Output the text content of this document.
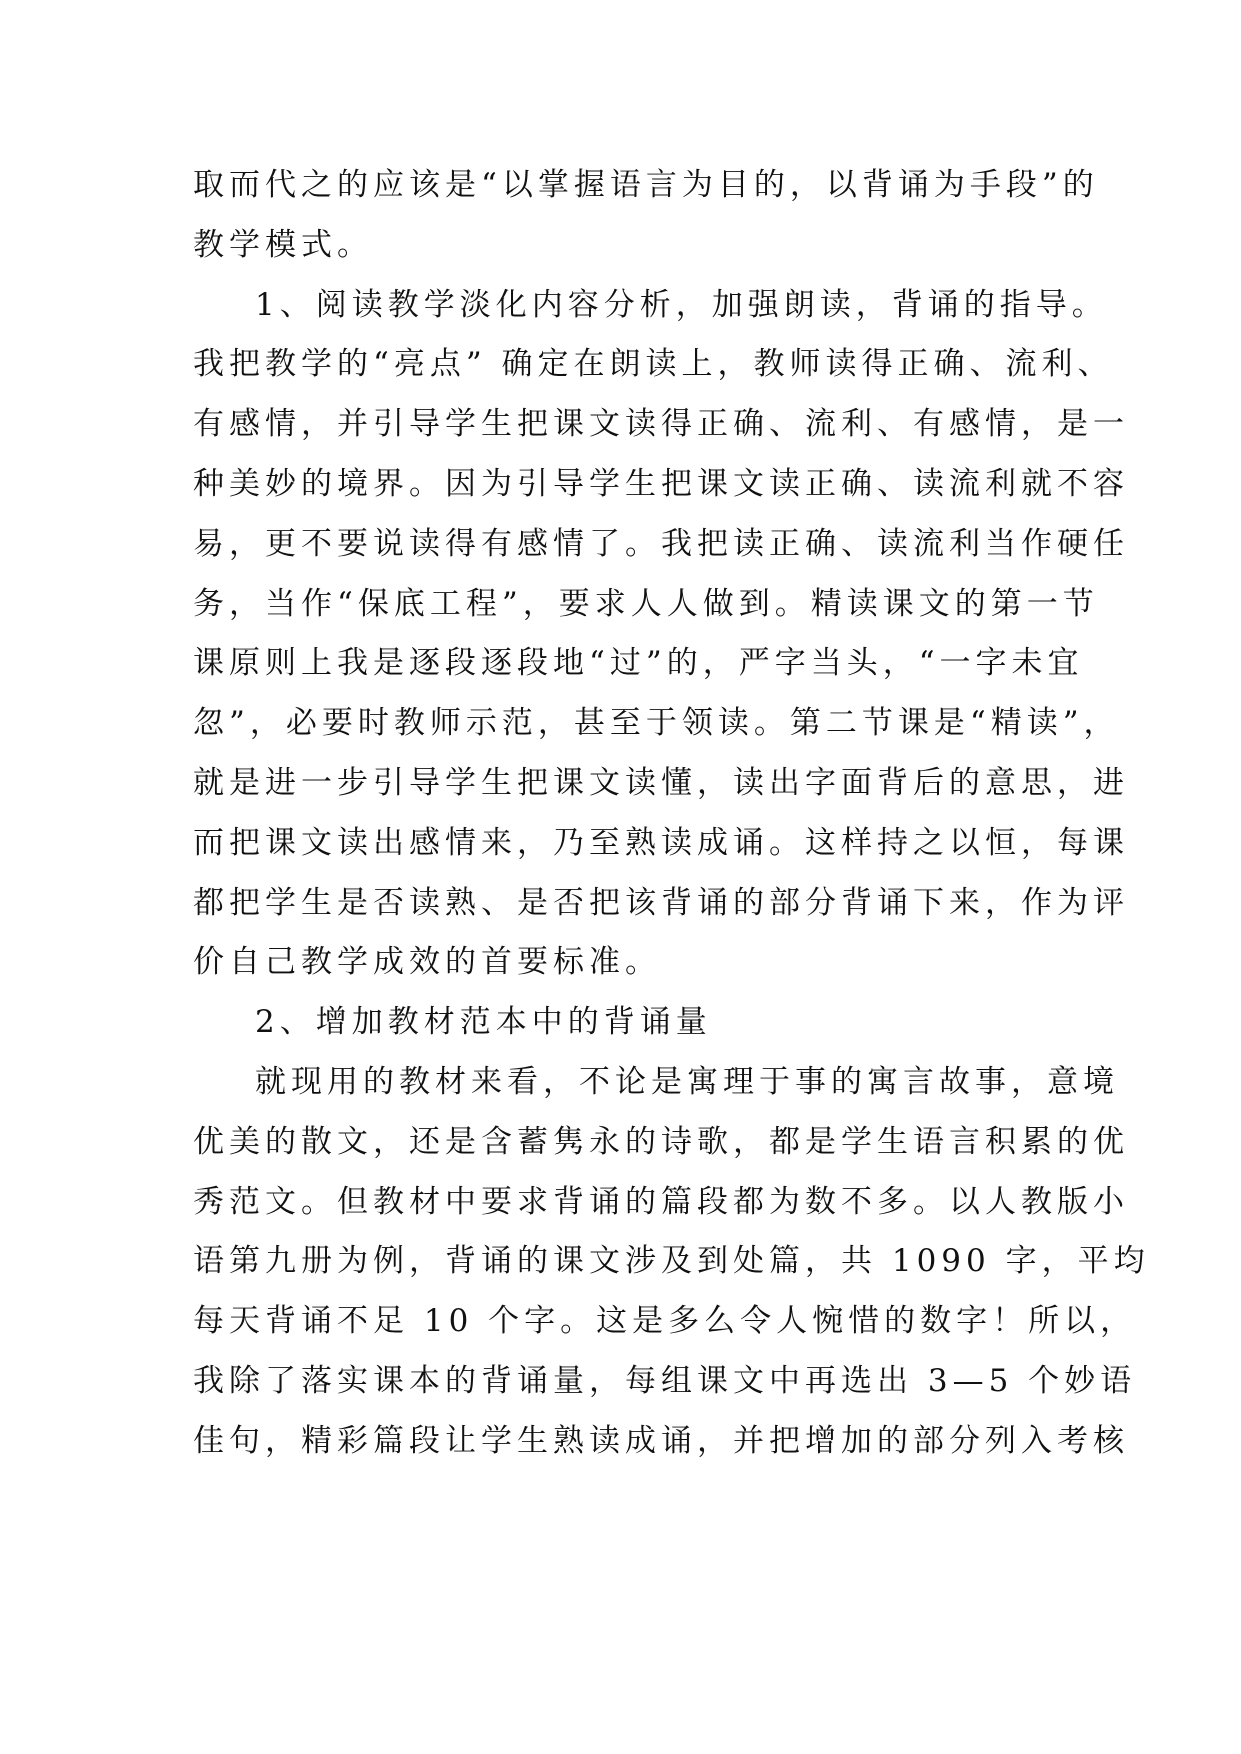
取而代之的应该是“以掌握语言为目的，以背诵为手段”的
教学模式。
1、阅读教学淡化内容分析，加强朗读，背诵的指导。
我把教学的“亮点” 确定在朗读上，教师读得正确、流利、
有感情，并引导学生把课文读得正确、流利、有感情，是一
种美妙的境界。因为引导学生把课文读正确、读流利就不容
易，更不要说读得有感情了。我把读正确、读流利当作硬任
务，当作“保底工程”，要求人人做到。精读课文的第一节
课原则上我是逐段逐段地“过”的，严字当头，“一字未宜
忽”，必要时教师示范，甚至于领读。第二节课是“精读”，
就是进一步引导学生把课文读懂，读出字面背后的意思，进
而把课文读出感情来，乃至熟读成诵。这样持之以恒，每课
都把学生是否读熟、是否把该背诵的部分背诵下来，作为评
价自己教学成效的首要标准。
2、增加教材范本中的背诵量
就现用的教材来看，不论是寓理于事的寓言故事，意境
优美的散文，还是含蓄隽永的诗歌，都是学生语言积累的优
秀范文。但教材中要求背诵的篇段都为数不多。以人教版小
语第九册为例，背诵的课文涉及到处篇，共 1090 字，平均
每天背诵不足 10 个字。这是多么令人惋惜的数字！所以，
我除了落实课本的背诵量，每组课文中再选出 3—5 个妙语
佳句，精彩篇段让学生熟读成诵，并把增加的部分列入考核
